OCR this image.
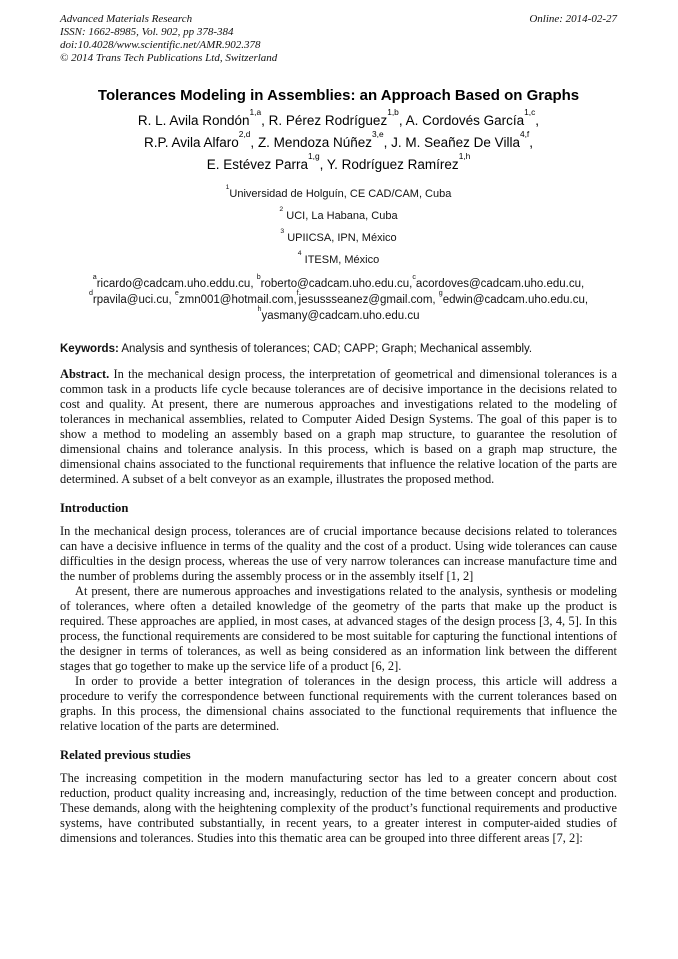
Advanced Materials Research
ISSN: 1662-8985, Vol. 902, pp 378-384
doi:10.4028/www.scientific.net/AMR.902.378
© 2014 Trans Tech Publications Ltd, Switzerland
Online: 2014-02-27
Tolerances Modeling in Assemblies: an Approach Based on Graphs
R. L. Avila Rondón$^{1,a}$, R. Pérez Rodríguez$^{1,b}$, A. Cordovés García$^{1,c}$,
R.P. Avila Alfaro$^{2,d}$, Z. Mendoza Núñez$^{3,e}$, J. M. Seañez De Villa$^{4,f}$,
E. Estévez Parra$^{1,g}$, Y. Rodríguez Ramírez$^{1,h}$
$^1$Universidad de Holguín, CE CAD/CAM, Cuba
$^2$ UCI, La Habana, Cuba
$^3$ UPIICSA, IPN, México
$^4$ ITESM, México
$^a$ricardo@cadcam.uho.eddu.cu, $^b$roberto@cadcam.uho.edu.cu,$^c$acordoves@cadcam.uho.edu.cu,
$^d$rpavila@uci.cu, $^e$zmn001@hotmail.com,$^f$jesussseanez@gmail.com, $^g$edwin@cadcam.uho.edu.cu,
$^h$yasmany@cadcam.uho.edu.cu

Keywords: Analysis and synthesis of tolerances; CAD; CAPP; Graph; Mechanical assembly.

Abstract. In the mechanical design process, the interpretation of geometrical and dimensional tolerances is a common task in a products life cycle because tolerances are of decisive importance in the decisions related to cost and quality. At present, there are numerous approaches and investigations related to the modeling of tolerances in mechanical assemblies, related to Computer Aided Design Systems. The goal of this paper is to show a method to modeling an assembly based on a graph map structure, to guarantee the resolution of dimensional chains and tolerance analysis. In this process, which is based on a graph map structure, the dimensional chains associated to the functional requirements that influence the relative location of the parts are determined. A subset of a belt conveyor as an example, illustrates the proposed method.

Introduction

In the mechanical design process, tolerances are of crucial importance because decisions related to tolerances can have a decisive influence in terms of the quality and the cost of a product. Using wide tolerances can cause difficulties in the design process, whereas the use of very narrow tolerances can increase manufacture time and the number of problems during the assembly process or in the assembly itself [1, 2]

At present, there are numerous approaches and investigations related to the analysis, synthesis or modeling of tolerances, where often a detailed knowledge of the geometry of the parts that make up the product is required. These approaches are applied, in most cases, at advanced stages of the design process [3, 4, 5]. In this process, the functional requirements are considered to be most suitable for capturing the functional intentions of the designer in terms of tolerances, as well as being considered as an information link between the different stages that go together to make up the service life of a product [6, 2].

In order to provide a better integration of tolerances in the design process, this article will address a procedure to verify the correspondence between functional requirements with the current tolerances based on graphs. In this process, the dimensional chains associated to the functional requirements that influence the relative location of the parts are determined.

Related previous studies

The increasing competition in the modern manufacturing sector has led to a greater concern about cost reduction, product quality increasing and, increasingly, reduction of the time between concept and production. These demands, along with the heightening complexity of the product’s functional requirements and productive systems, have contributed substantially, in recent years, to a greater interest in computer-aided studies of dimensions and tolerances. Studies into this thematic area can be grouped into three different areas [7, 2]:
